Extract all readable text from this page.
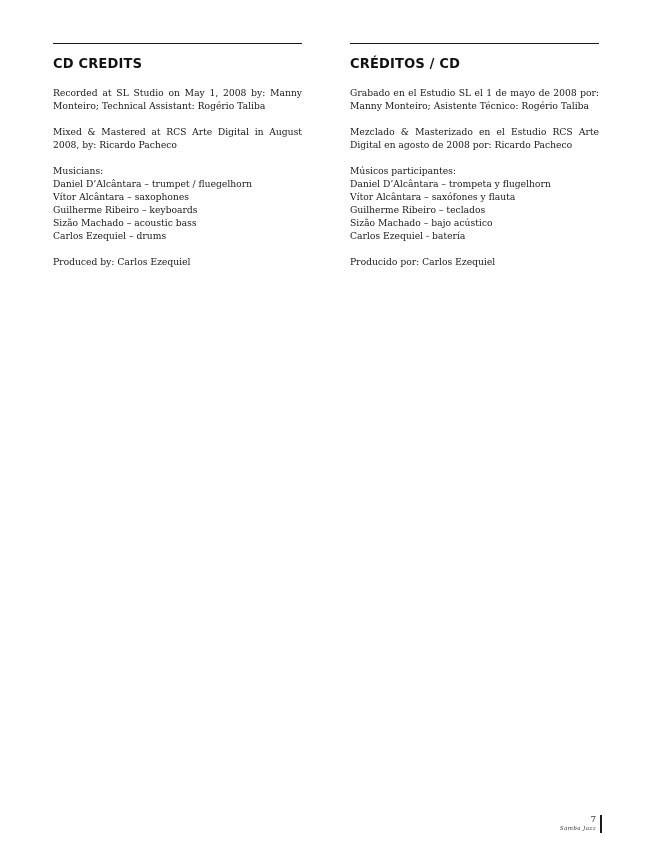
CD CREDITS

Recorded at SL Studio on May 1, 2008 by: Manny Monteiro; Technical Assistant: Rogério Taliba

Mixed & Mastered at RCS Arte Digital in August 2008, by: Ricardo Pacheco

Musicians:
Daniel D’Alcântara – trumpet / fluegelhorn
Vítor Alcântara – saxophones
Guilherme Ribeiro – keyboards
Sizão Machado – acoustic bass
Carlos Ezequiel – drums

Produced by: Carlos Ezequiel

CRÉDITOS / CD

Grabado en el Estudio SL el 1 de mayo de 2008 por: Manny Monteiro; Asistente Técnico: Rogério Taliba

Mezclado & Masterizado en el Estudio RCS Arte Digital en agosto de 2008 por: Ricardo Pacheco

Músicos participantes:
Daniel D’Alcântara – trompeta y flugelhorn
Vítor Alcântara – saxófones y flauta
Guilherme Ribeiro – teclados
Sizão Machado – bajo acústico
Carlos Ezequiel - batería

Producido por: Carlos Ezequiel

7
Samba Jazz
